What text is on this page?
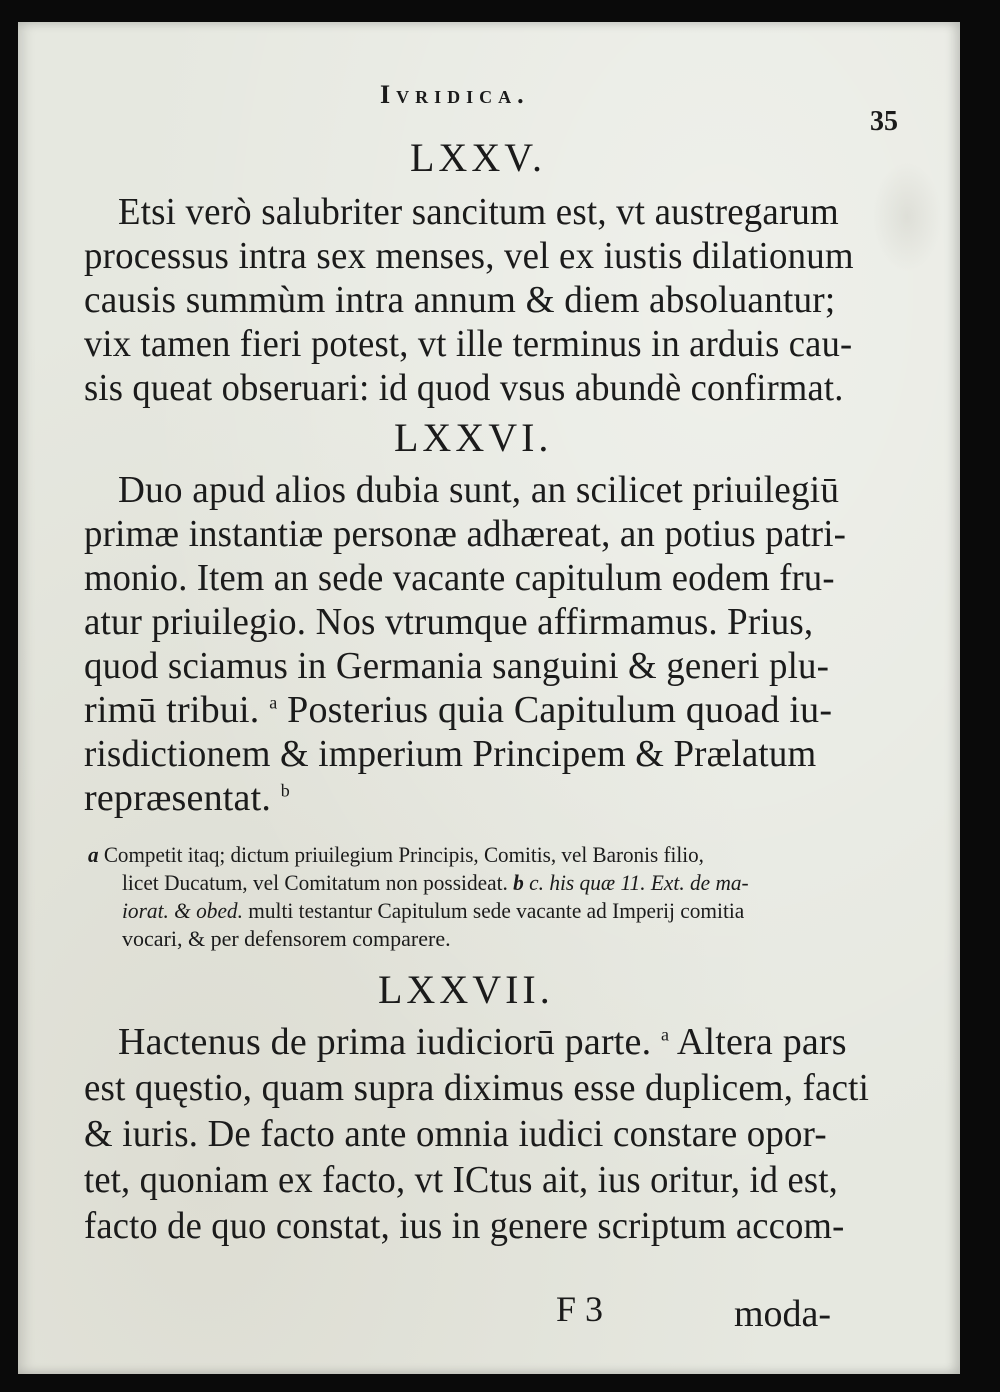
Ivridica.
35
LXXV.
Etsi verò salubriter sancitum est, vt austregarum
processus intra sex menses, vel ex iustis dilationum
causis summùm intra annum & diem absoluantur;
vix tamen fieri potest, vt ille terminus in arduis cau-
sis queat obseruari: id quod vsus abundè confirmat.
LXXVI.
Duo apud alios dubia sunt, an scilicet priuilegiū
primæ instantiæ personæ adhæreat, an potius patri-
monio. Item an sede vacante capitulum eodem fru-
atur priuilegio. Nos vtrumque affirmamus. Prius,
quod sciamus in Germania sanguini & generi plu-
rimū tribui. $^a$ Posterius quia Capitulum quoad iu-
risdictionem & imperium Principem & Prælatum
repræsentat. $^b$
a Competit itaq; dictum priuilegium Principis, Comitis, vel Baronis filio,
licet Ducatum, vel Comitatum non possideat. b c. his quæ 11. Ext. de ma-
iorat. & obed. multi testantur Capitulum sede vacante ad Imperij comitia
vocari, & per defensorem comparere.
LXXVII.
Hactenus de prima iudiciorū parte. $^a$ Altera pars
est quęstio, quam supra diximus esse duplicem, facti
& iuris. De facto ante omnia iudici constare opor-
tet, quoniam ex facto, vt ICtus ait, ius oritur, id est,
facto de quo constat, ius in genere scriptum accom-
F 3	moda-
